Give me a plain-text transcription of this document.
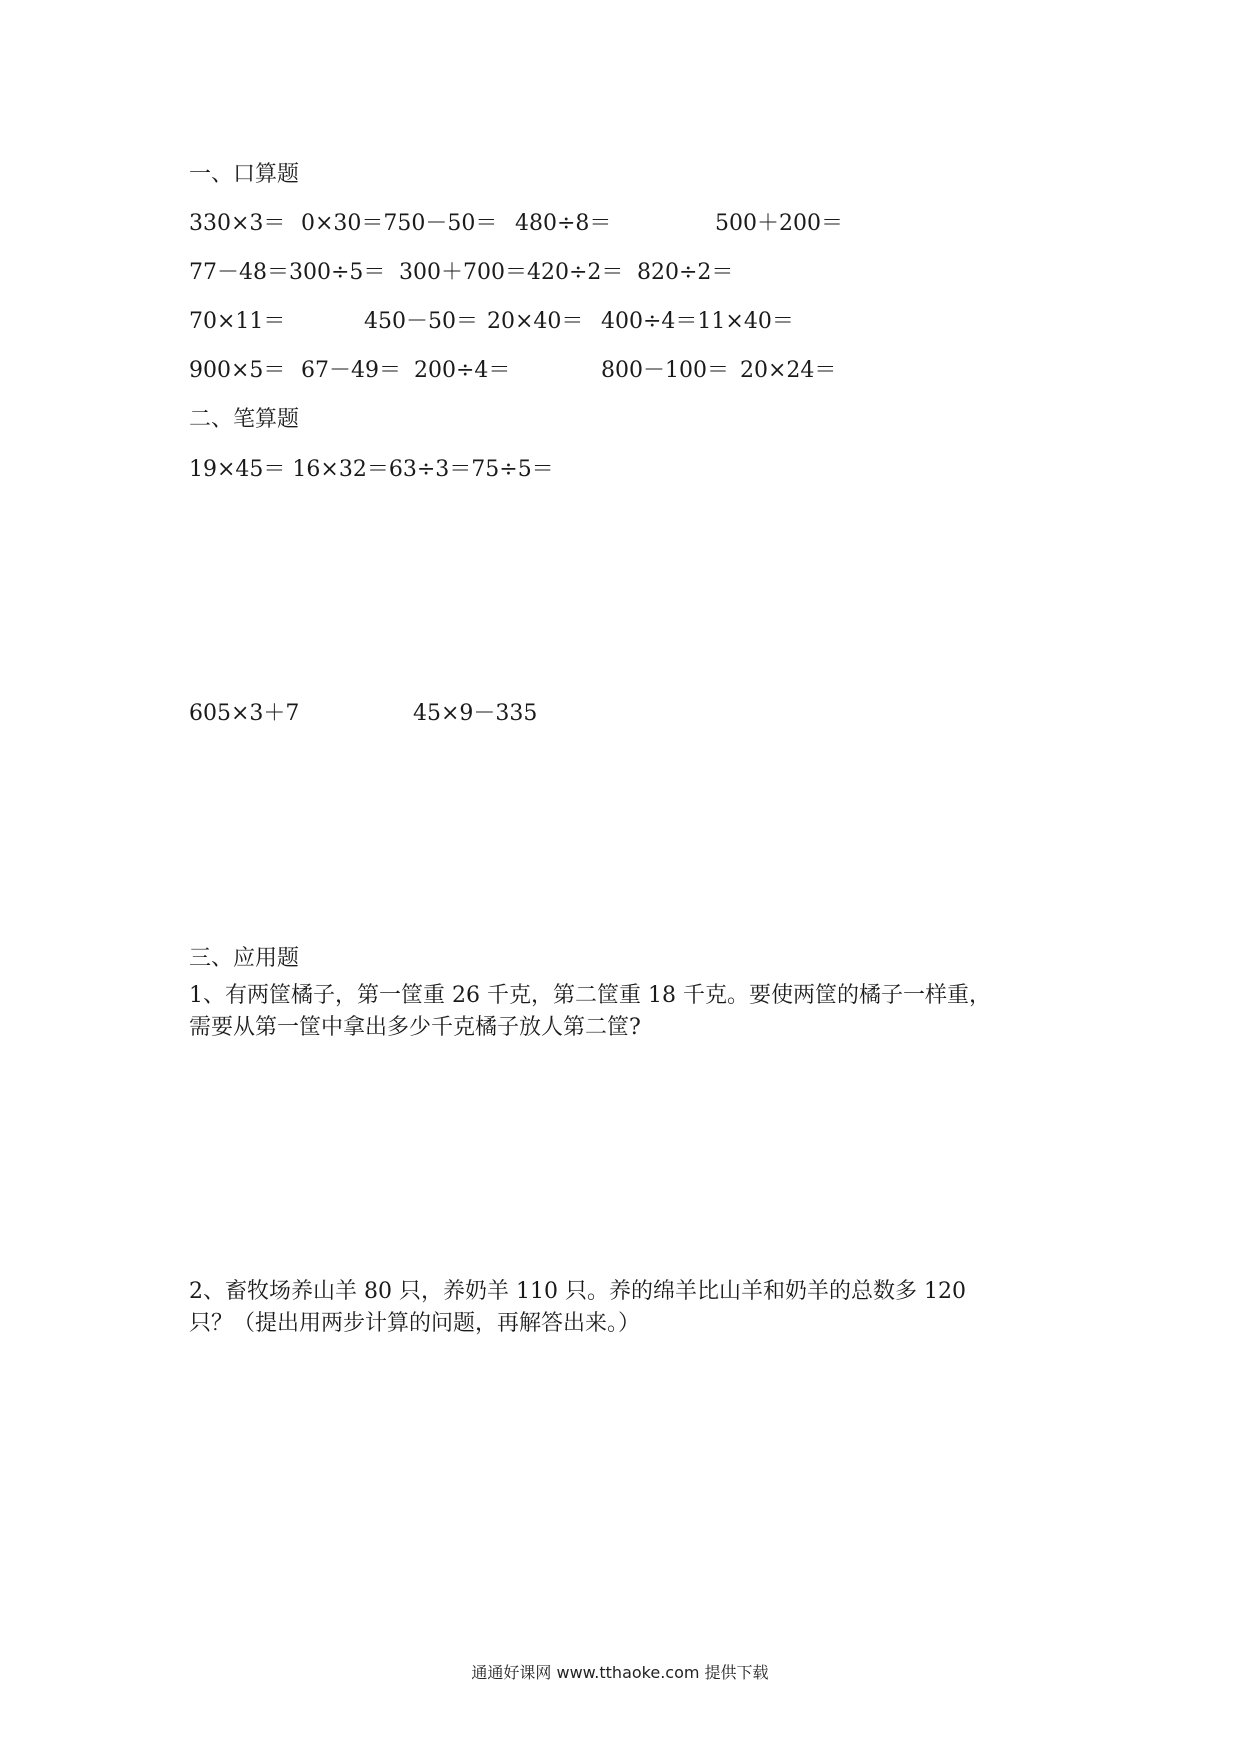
一、口算题
330×3＝ 0×30＝750－50＝ 480÷8＝	500＋200＝
77－48＝300÷5＝ 300＋700＝420÷2＝ 820÷2＝
70×11＝	450－50＝ 20×40＝ 400÷4＝11×40＝
900×5＝ 67－49＝ 200÷4＝	800－100＝ 20×24＝
二、笔算题
19×45＝ 16×32＝63÷3＝75÷5＝
605×3＋7	45×9－335
三、应用题
1、有两筐橘子，第一筐重 26 千克，第二筐重 18 千克。要使两筐的橘子一样重，
需要从第一筐中拿出多少千克橘子放人第二筐?
2、畜牧场养山羊 80 只，养奶羊 110 只。养的绵羊比山羊和奶羊的总数多 120
只？（提出用两步计算的问题，再解答出来。）
通通好课网 www.tthaoke.com 提供下载
